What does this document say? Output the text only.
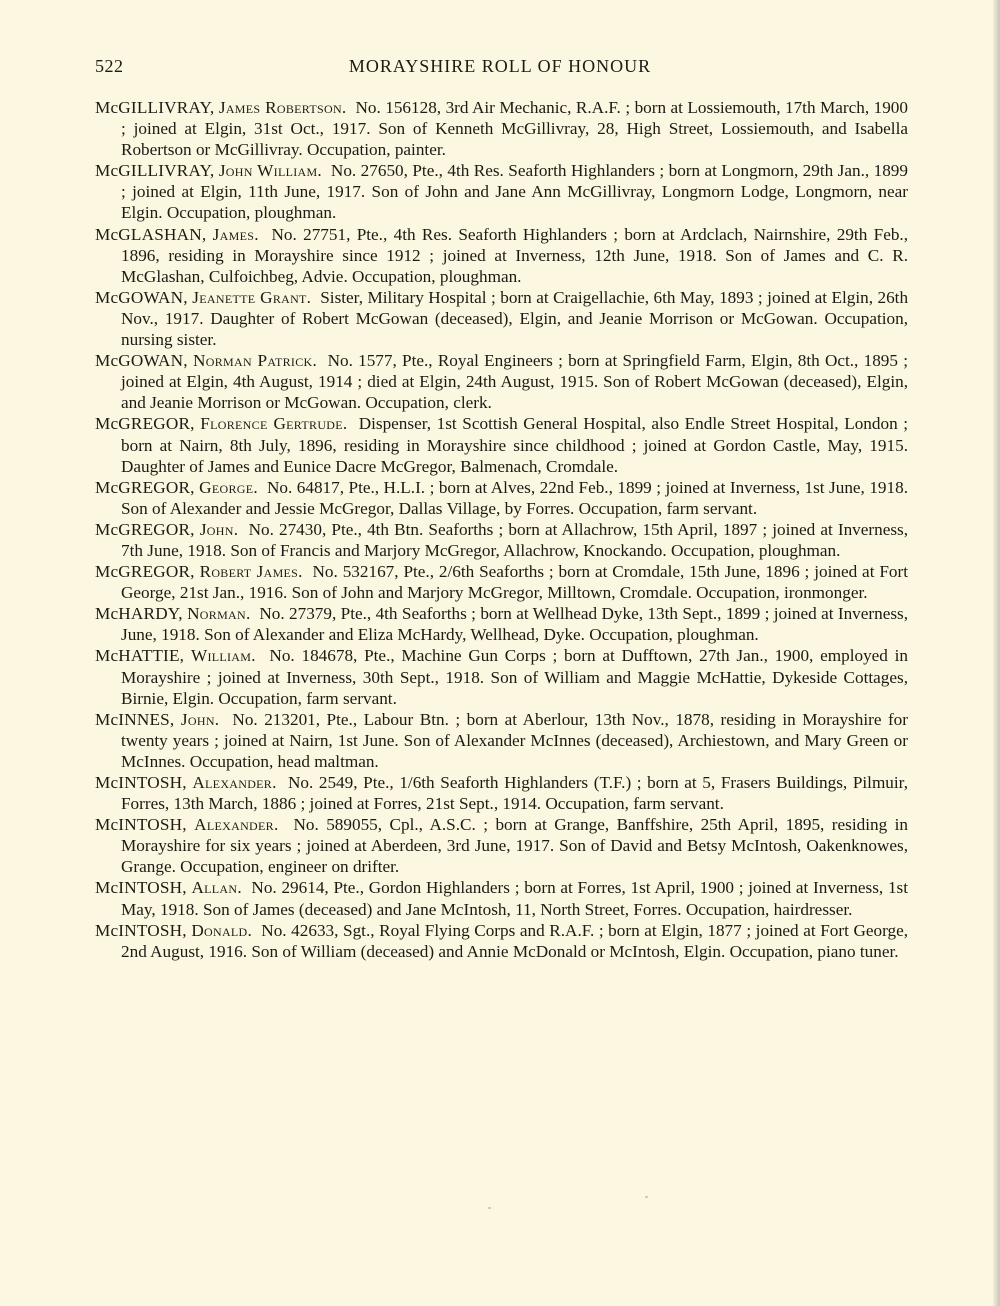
522	MORAYSHIRE ROLL OF HONOUR

McGILLIVRAY, James Robertson. No. 156128, 3rd Air Mechanic, R.A.F. ; born at Lossiemouth, 17th March, 1900 ; joined at Elgin, 31st Oct., 1917. Son of Kenneth McGillivray, 28, High Street, Lossiemouth, and Isabella Robertson or McGillivray. Occupation, painter.

McGILLIVRAY, John William. No. 27650, Pte., 4th Res. Seaforth Highlanders ; born at Longmorn, 29th Jan., 1899 ; joined at Elgin, 11th June, 1917. Son of John and Jane Ann McGillivray, Longmorn Lodge, Longmorn, near Elgin. Occupation, ploughman.

McGLASHAN, James. No. 27751, Pte., 4th Res. Seaforth Highlanders ; born at Ardclach, Nairnshire, 29th Feb., 1896, residing in Morayshire since 1912 ; joined at Inverness, 12th June, 1918. Son of James and C. R. McGlashan, Culfoichbeg, Advie. Occupation, ploughman.

McGOWAN, Jeanette Grant. Sister, Military Hospital ; born at Craigellachie, 6th May, 1893 ; joined at Elgin, 26th Nov., 1917. Daughter of Robert McGowan (deceased), Elgin, and Jeanie Morrison or McGowan. Occupation, nursing sister.

McGOWAN, Norman Patrick. No. 1577, Pte., Royal Engineers ; born at Springfield Farm, Elgin, 8th Oct., 1895 ; joined at Elgin, 4th August, 1914 ; died at Elgin, 24th August, 1915. Son of Robert McGowan (deceased), Elgin, and Jeanie Morrison or McGowan. Occupation, clerk.

McGREGOR, Florence Gertrude. Dispenser, 1st Scottish General Hospital, also Endle Street Hospital, London ; born at Nairn, 8th July, 1896, residing in Morayshire since childhood ; joined at Gordon Castle, May, 1915. Daughter of James and Eunice Dacre McGregor, Balmenach, Cromdale.

McGREGOR, George. No. 64817, Pte., H.L.I. ; born at Alves, 22nd Feb., 1899 ; joined at Inverness, 1st June, 1918. Son of Alexander and Jessie McGregor, Dallas Village, by Forres. Occupation, farm servant.

McGREGOR, John. No. 27430, Pte., 4th Btn. Seaforths ; born at Allachrow, 15th April, 1897 ; joined at Inverness, 7th June, 1918. Son of Francis and Marjory McGregor, Allachrow, Knockando. Occupation, ploughman.

McGREGOR, Robert James. No. 532167, Pte., 2/6th Seaforths ; born at Cromdale, 15th June, 1896 ; joined at Fort George, 21st Jan., 1916. Son of John and Marjory McGregor, Milltown, Cromdale. Occupation, ironmonger.

McHARDY, Norman. No. 27379, Pte., 4th Seaforths ; born at Wellhead Dyke, 13th Sept., 1899 ; joined at Inverness, June, 1918. Son of Alexander and Eliza McHardy, Wellhead, Dyke. Occupation, ploughman.

McHATTIE, William. No. 184678, Pte., Machine Gun Corps ; born at Dufftown, 27th Jan., 1900, employed in Morayshire ; joined at Inverness, 30th Sept., 1918. Son of William and Maggie McHattie, Dykeside Cottages, Birnie, Elgin. Occupation, farm servant.

McINNES, John. No. 213201, Pte., Labour Btn. ; born at Aberlour, 13th Nov., 1878, residing in Morayshire for twenty years ; joined at Nairn, 1st June. Son of Alexander McInnes (deceased), Archiestown, and Mary Green or McInnes. Occupation, head maltman.

McINTOSH, Alexander. No. 2549, Pte., 1/6th Seaforth Highlanders (T.F.) ; born at 5, Frasers Buildings, Pilmuir, Forres, 13th March, 1886 ; joined at Forres, 21st Sept., 1914. Occupation, farm servant.

McINTOSH, Alexander. No. 589055, Cpl., A.S.C. ; born at Grange, Banffshire, 25th April, 1895, residing in Morayshire for six years ; joined at Aberdeen, 3rd June, 1917. Son of David and Betsy McIntosh, Oakenknowes, Grange. Occupation, engineer on drifter.

McINTOSH, Allan. No. 29614, Pte., Gordon Highlanders ; born at Forres, 1st April, 1900 ; joined at Inverness, 1st May, 1918. Son of James (deceased) and Jane McIntosh, 11, North Street, Forres. Occupation, hairdresser.

McINTOSH, Donald. No. 42633, Sgt., Royal Flying Corps and R.A.F. ; born at Elgin, 1877 ; joined at Fort George, 2nd August, 1916. Son of William (deceased) and Annie McDonald or McIntosh, Elgin. Occupation, piano tuner.
